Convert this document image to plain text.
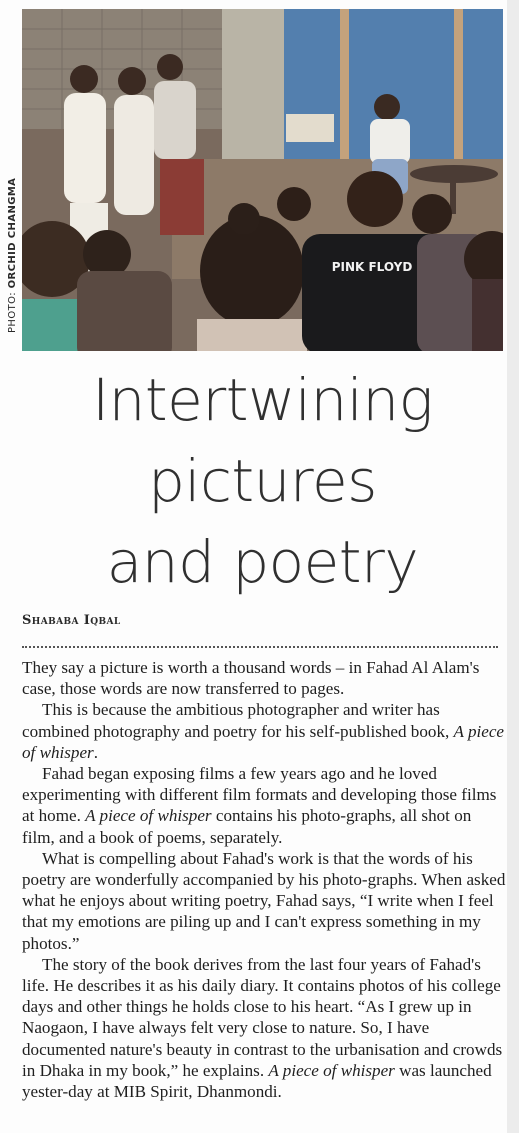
PHOTO: ORCHID CHANGMA	PINK FLOYD
Intertwining
pictures
and poetry
Shababa Iqbal

They say a picture is worth a thousand words – in Fahad Al Alam's case, those words are now transferred to pages.

This is because the ambitious photographer and writer has combined photography and poetry for his self-published book, A piece of whisper.

Fahad began exposing films a few years ago and he loved experimenting with different film formats and developing those films at home. A piece of whisper contains his photo-graphs, all shot on film, and a book of poems, separately.

What is compelling about Fahad's work is that the words of his poetry are wonderfully accompanied by his photo-graphs. When asked what he enjoys about writing poetry, Fahad says, “I write when I feel that my emotions are piling up and I can't express something in my photos.”

The story of the book derives from the last four years of Fahad's life. He describes it as his daily diary. It contains photos of his college days and other things he holds close to his heart. “As I grew up in Naogaon, I have always felt very close to nature. So, I have documented nature's beauty in contrast to the urbanisation and crowds in Dhaka in my book,” he explains. A piece of whisper was launched yester-day at MIB Spirit, Dhanmondi.
